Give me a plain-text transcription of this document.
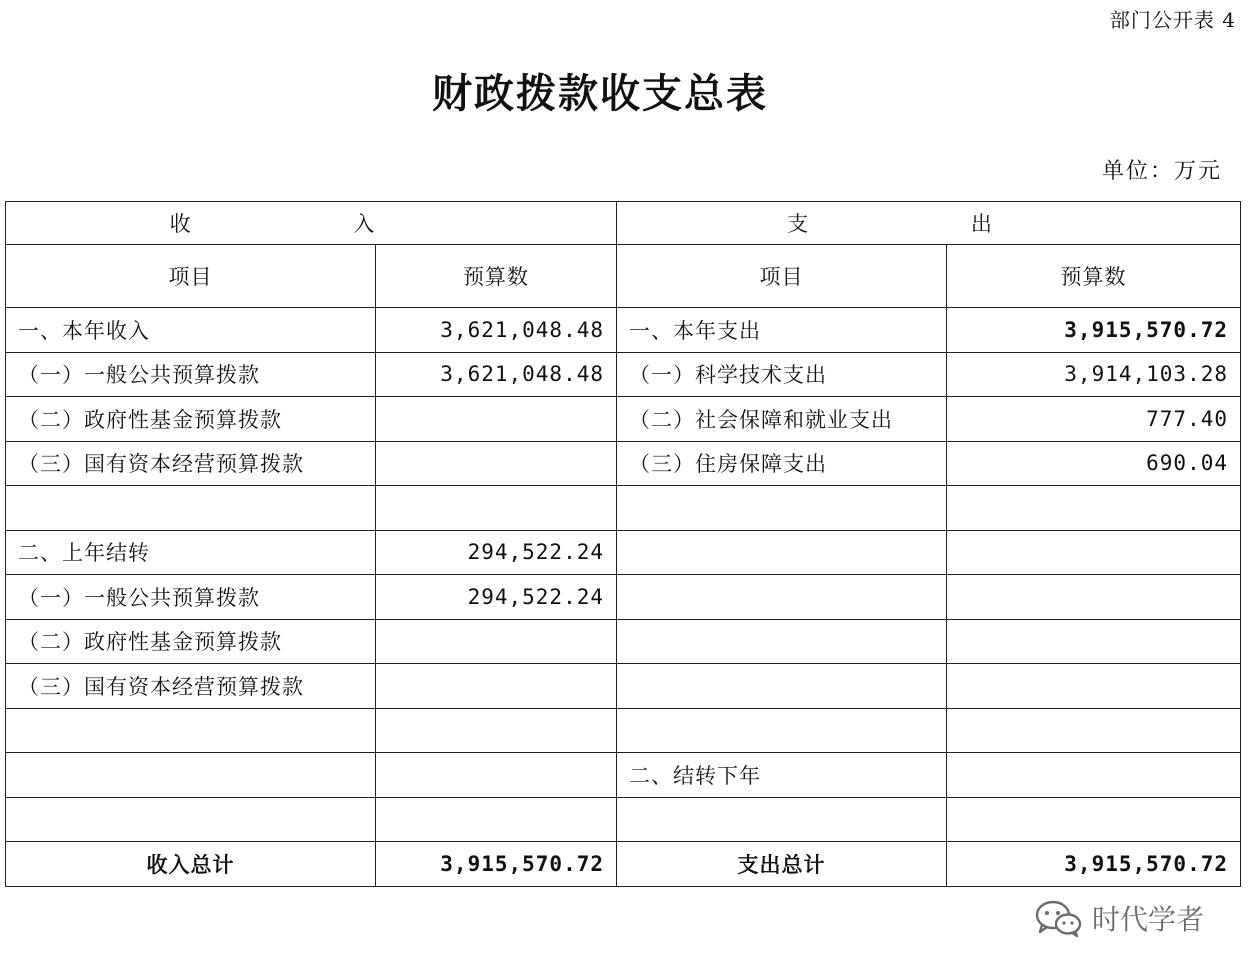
部门公开表 4
财政拨款收支总表
单位：万元
收 入		支 出	
项目	预算数	项目	预算数
一、本年收入	3,621,048.48	一、本年支出	3,915,570.72
（一）一般公共预算拨款	3,621,048.48	（一）科学技术支出	3,914,103.28
（二）政府性基金预算拨款		（二）社会保障和就业支出	777.40
（三）国有资本经营预算拨款		（三）住房保障支出	690.04

二、上年结转	294,522.24		
（一）一般公共预算拨款	294,522.24		
（二）政府性基金预算拨款			
（三）国有资本经营预算拨款			

		二、结转下年	

收入总计	3,915,570.72	支出总计	3,915,570.72
时代学者
